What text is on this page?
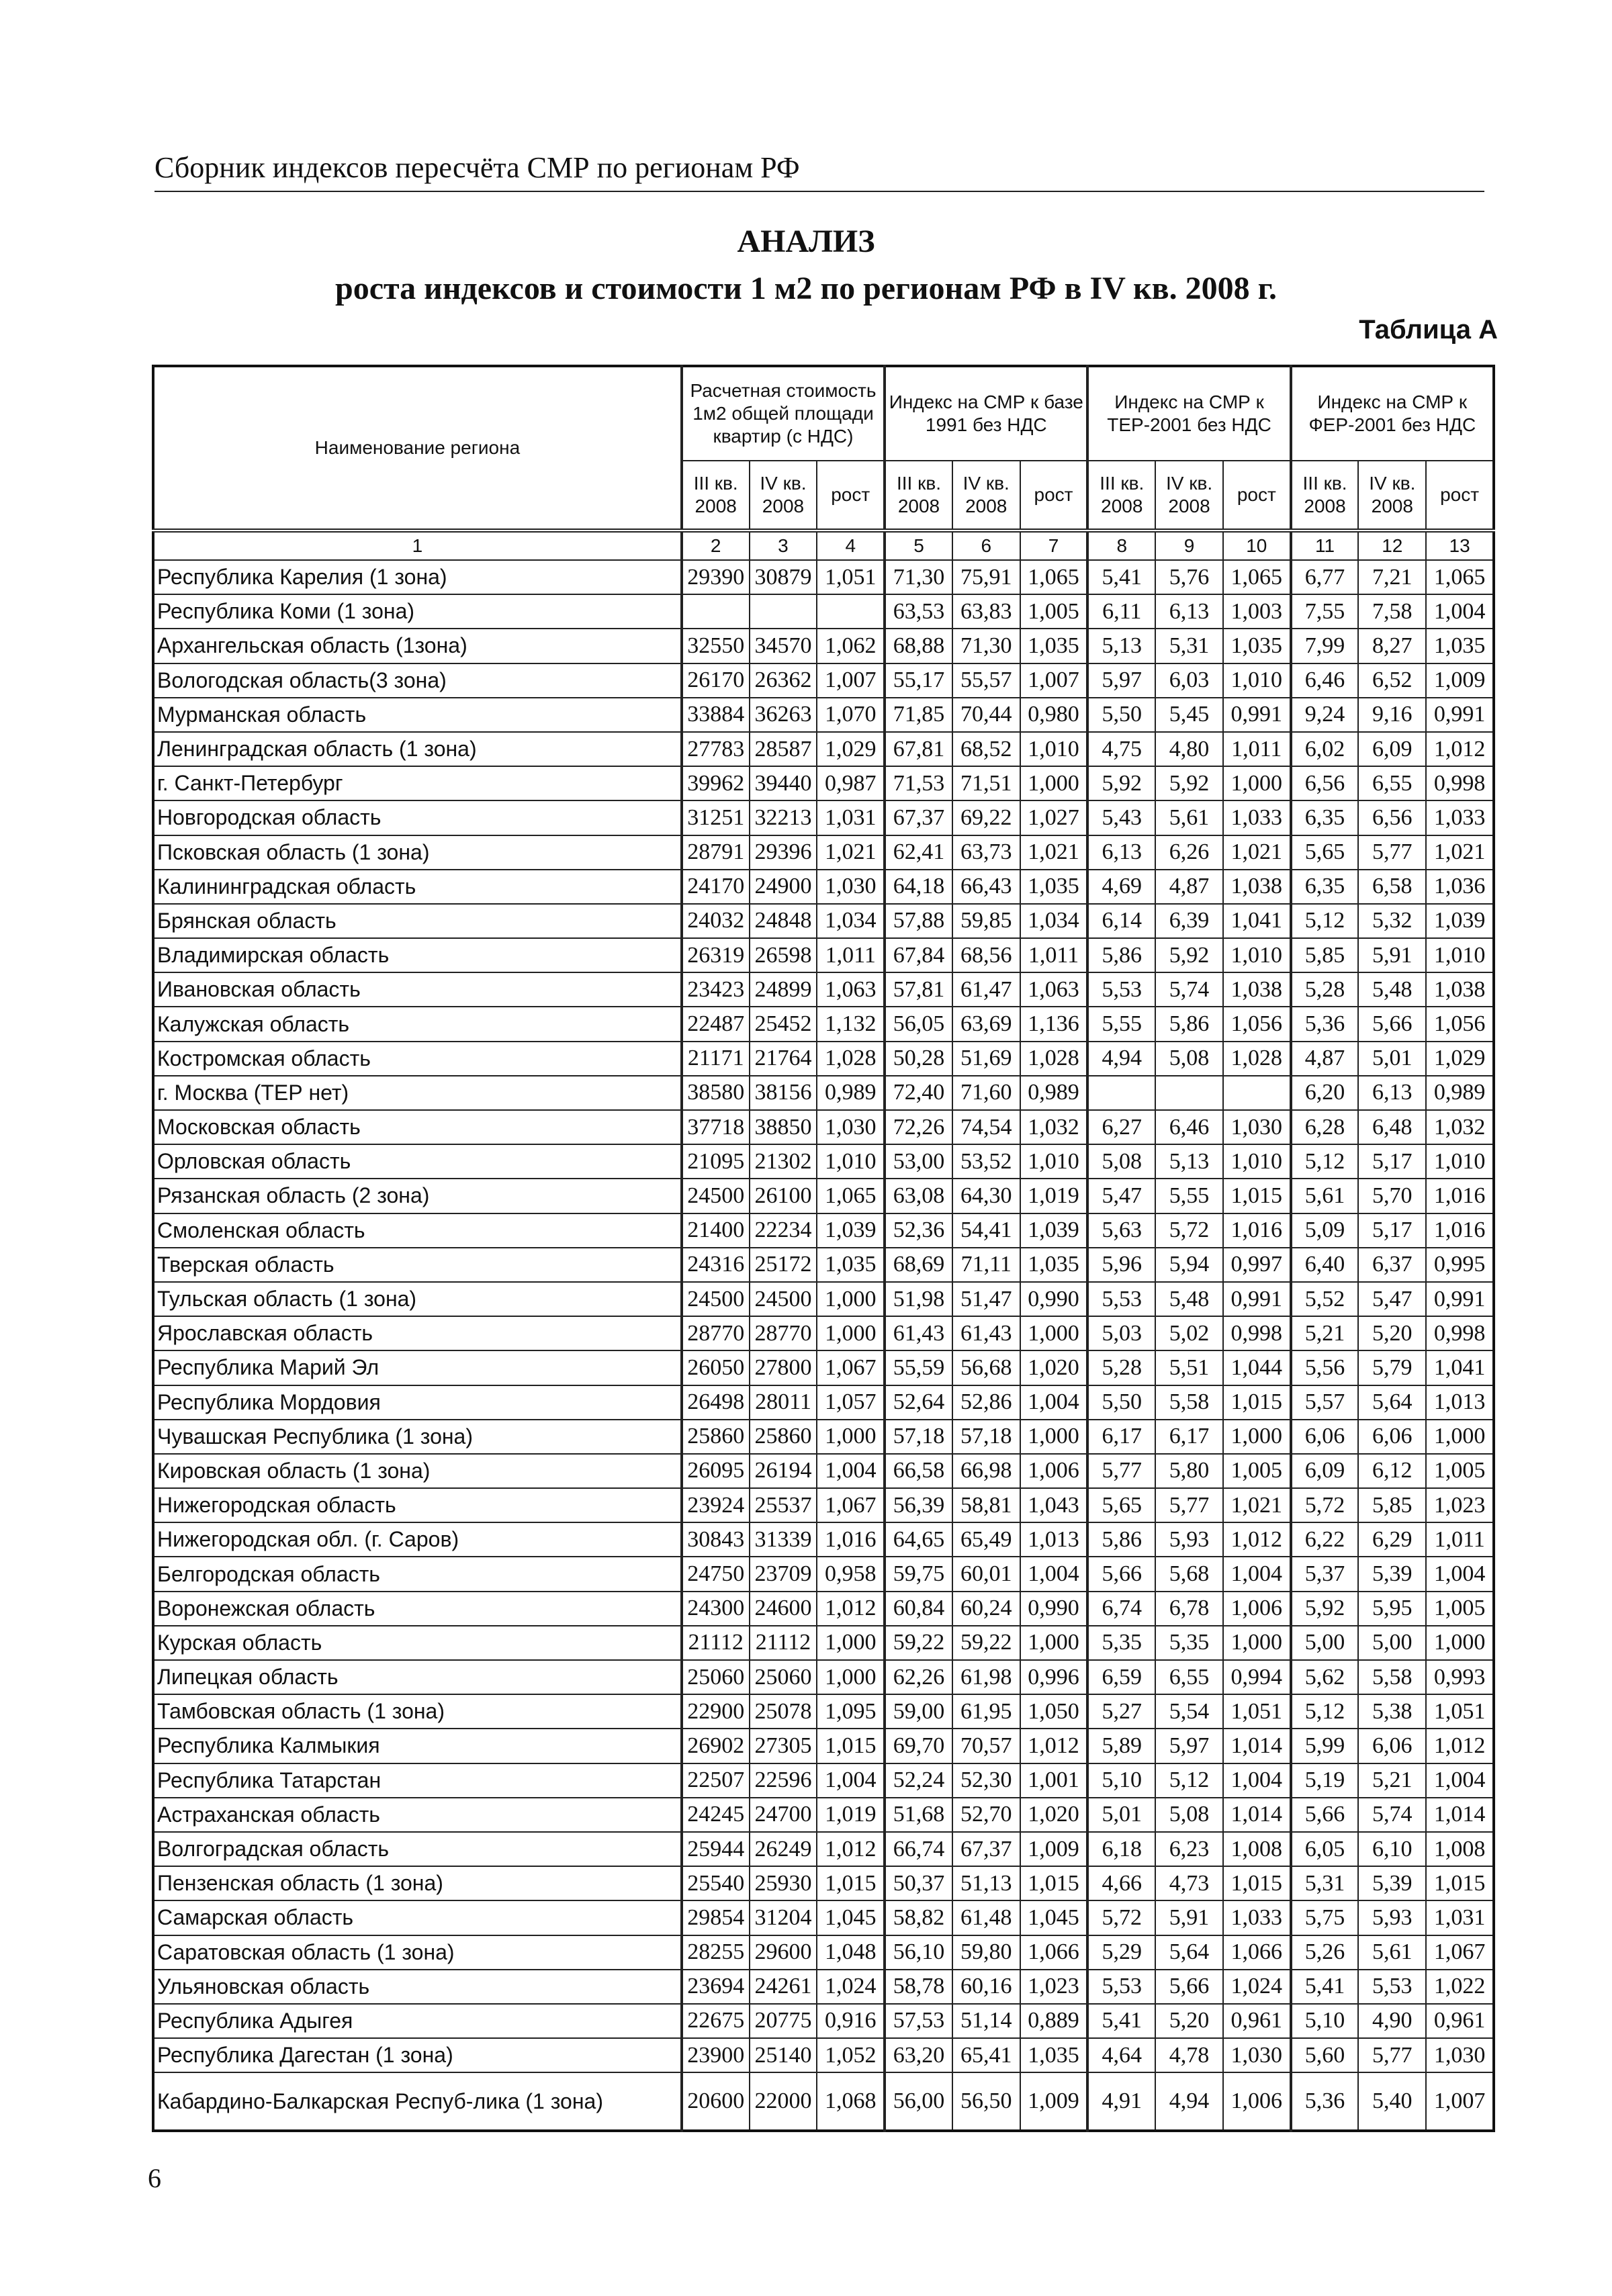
Сборник индексов пересчёта СМР по регионам РФ
АНАЛИЗ
роста индексов и стоимости 1 м2 по регионам РФ в IV кв. 2008 г.
Таблица А
Наименование региона	Расчетная стоимость 1м2 общей площади квартир (с НДС)			Индекс на СМР к базе 1991 без НДС			Индекс на СМР к ТЕР-2001 без НДС			Индекс на СМР к ФЕР-2001 без НДС		
	III кв. 2008	IV кв. 2008	рост	III кв. 2008	IV кв. 2008	рост	III кв. 2008	IV кв. 2008	рост	III кв. 2008	IV кв. 2008	рост
1	2	3	4	5	6	7	8	9	10	11	12	13
Республика Карелия (1 зона)	29390	30879	1,051	71,30	75,91	1,065	5,41	5,76	1,065	6,77	7,21	1,065
Республика Коми (1 зона)				63,53	63,83	1,005	6,11	6,13	1,003	7,55	7,58	1,004
Архангельская область (1зона)	32550	34570	1,062	68,88	71,30	1,035	5,13	5,31	1,035	7,99	8,27	1,035
Вологодская область(3 зона)	26170	26362	1,007	55,17	55,57	1,007	5,97	6,03	1,010	6,46	6,52	1,009
Мурманская область	33884	36263	1,070	71,85	70,44	0,980	5,50	5,45	0,991	9,24	9,16	0,991
Ленинградская область (1 зона)	27783	28587	1,029	67,81	68,52	1,010	4,75	4,80	1,011	6,02	6,09	1,012
г. Санкт-Петербург	39962	39440	0,987	71,53	71,51	1,000	5,92	5,92	1,000	6,56	6,55	0,998
Новгородская область	31251	32213	1,031	67,37	69,22	1,027	5,43	5,61	1,033	6,35	6,56	1,033
Псковская область (1 зона)	28791	29396	1,021	62,41	63,73	1,021	6,13	6,26	1,021	5,65	5,77	1,021
Калининградская область	24170	24900	1,030	64,18	66,43	1,035	4,69	4,87	1,038	6,35	6,58	1,036
Брянская область	24032	24848	1,034	57,88	59,85	1,034	6,14	6,39	1,041	5,12	5,32	1,039
Владимирская область	26319	26598	1,011	67,84	68,56	1,011	5,86	5,92	1,010	5,85	5,91	1,010
Ивановская область	23423	24899	1,063	57,81	61,47	1,063	5,53	5,74	1,038	5,28	5,48	1,038
Калужская область	22487	25452	1,132	56,05	63,69	1,136	5,55	5,86	1,056	5,36	5,66	1,056
Костромская область	21171	21764	1,028	50,28	51,69	1,028	4,94	5,08	1,028	4,87	5,01	1,029
г. Москва (ТЕР нет)	38580	38156	0,989	72,40	71,60	0,989				6,20	6,13	0,989
Московская область	37718	38850	1,030	72,26	74,54	1,032	6,27	6,46	1,030	6,28	6,48	1,032
Орловская область	21095	21302	1,010	53,00	53,52	1,010	5,08	5,13	1,010	5,12	5,17	1,010
Рязанская область (2 зона)	24500	26100	1,065	63,08	64,30	1,019	5,47	5,55	1,015	5,61	5,70	1,016
Смоленская область	21400	22234	1,039	52,36	54,41	1,039	5,63	5,72	1,016	5,09	5,17	1,016
Тверская область	24316	25172	1,035	68,69	71,11	1,035	5,96	5,94	0,997	6,40	6,37	0,995
Тульская область (1 зона)	24500	24500	1,000	51,98	51,47	0,990	5,53	5,48	0,991	5,52	5,47	0,991
Ярославская область	28770	28770	1,000	61,43	61,43	1,000	5,03	5,02	0,998	5,21	5,20	0,998
Республика Марий Эл	26050	27800	1,067	55,59	56,68	1,020	5,28	5,51	1,044	5,56	5,79	1,041
Республика Мордовия	26498	28011	1,057	52,64	52,86	1,004	5,50	5,58	1,015	5,57	5,64	1,013
Чувашская Республика (1 зона)	25860	25860	1,000	57,18	57,18	1,000	6,17	6,17	1,000	6,06	6,06	1,000
Кировская область (1 зона)	26095	26194	1,004	66,58	66,98	1,006	5,77	5,80	1,005	6,09	6,12	1,005
Нижегородская область	23924	25537	1,067	56,39	58,81	1,043	5,65	5,77	1,021	5,72	5,85	1,023
Нижегородская обл. (г. Саров)	30843	31339	1,016	64,65	65,49	1,013	5,86	5,93	1,012	6,22	6,29	1,011
Белгородская область	24750	23709	0,958	59,75	60,01	1,004	5,66	5,68	1,004	5,37	5,39	1,004
Воронежская область	24300	24600	1,012	60,84	60,24	0,990	6,74	6,78	1,006	5,92	5,95	1,005
Курская область	21112	21112	1,000	59,22	59,22	1,000	5,35	5,35	1,000	5,00	5,00	1,000
Липецкая область	25060	25060	1,000	62,26	61,98	0,996	6,59	6,55	0,994	5,62	5,58	0,993
Тамбовская область (1 зона)	22900	25078	1,095	59,00	61,95	1,050	5,27	5,54	1,051	5,12	5,38	1,051
Республика Калмыкия	26902	27305	1,015	69,70	70,57	1,012	5,89	5,97	1,014	5,99	6,06	1,012
Республика Татарстан	22507	22596	1,004	52,24	52,30	1,001	5,10	5,12	1,004	5,19	5,21	1,004
Астраханская область	24245	24700	1,019	51,68	52,70	1,020	5,01	5,08	1,014	5,66	5,74	1,014
Волгоградская область	25944	26249	1,012	66,74	67,37	1,009	6,18	6,23	1,008	6,05	6,10	1,008
Пензенская область (1 зона)	25540	25930	1,015	50,37	51,13	1,015	4,66	4,73	1,015	5,31	5,39	1,015
Самарская область	29854	31204	1,045	58,82	61,48	1,045	5,72	5,91	1,033	5,75	5,93	1,031
Саратовская область (1 зона)	28255	29600	1,048	56,10	59,80	1,066	5,29	5,64	1,066	5,26	5,61	1,067
Ульяновская область	23694	24261	1,024	58,78	60,16	1,023	5,53	5,66	1,024	5,41	5,53	1,022
Республика Адыгея	22675	20775	0,916	57,53	51,14	0,889	5,41	5,20	0,961	5,10	4,90	0,961
Республика Дагестан (1 зона)	23900	25140	1,052	63,20	65,41	1,035	4,64	4,78	1,030	5,60	5,77	1,030
Кабардино-Балкарская Респуб-лика (1 зона)	20600	22000	1,068	56,00	56,50	1,009	4,91	4,94	1,006	5,36	5,40	1,007
6
